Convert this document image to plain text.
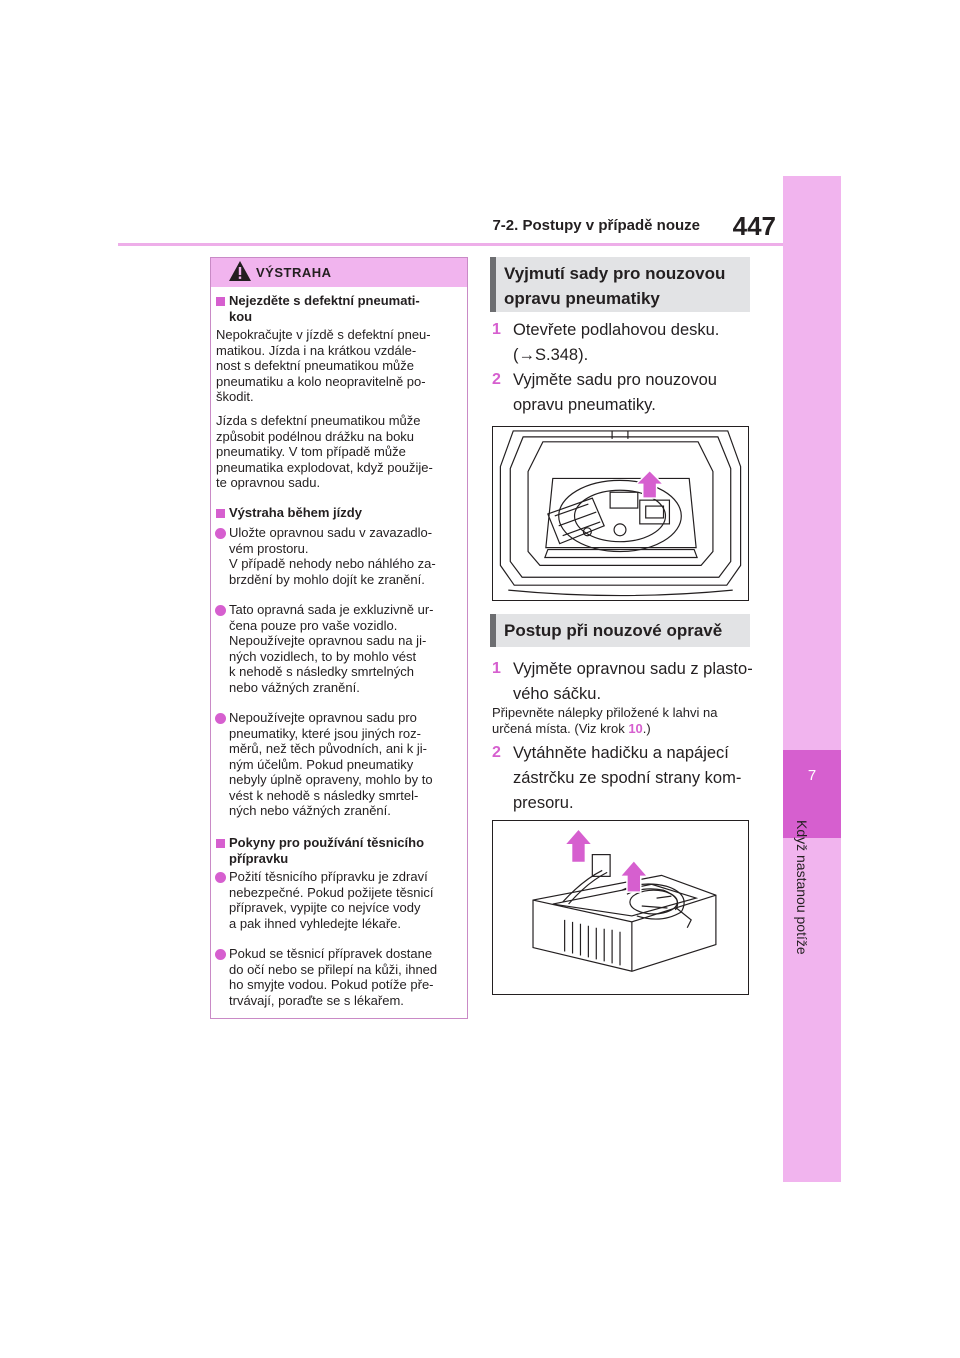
7-2. Postupy v případě nouze	447
7
Když nastanou potíže
VÝSTRAHA
Nejezděte s defektní pneumati-
kou
Nepokračujte v jízdě s defektní pneu-
matikou. Jízda i na krátkou vzdále-
nost s defektní pneumatikou může
pneumatiku a kolo neopravitelně po-
škodit.
Jízda s defektní pneumatikou může
způsobit podélnou drážku na boku
pneumatiky. V tom případě může
pneumatika explodovat, když použije-
te opravnou sadu.
Výstraha během jízdy
Uložte opravnou sadu v zavazadlo-
vém prostoru.
V případě nehody nebo náhlého za-
brzdění by mohlo dojít ke zranění.
Tato opravná sada je exkluzivně ur-
čena pouze pro vaše vozidlo.
Nepoužívejte opravnou sadu na ji-
ných vozidlech, to by mohlo vést
k nehodě s následky smrtelných
nebo vážných zranění.
Nepoužívejte opravnou sadu pro
pneumatiky, které jsou jiných roz-
měrů, než těch původních, ani k ji-
ným účelům. Pokud pneumatiky
nebyly úplně opraveny, mohlo by to
vést k nehodě s následky smrtel-
ných nebo vážných zranění.
Pokyny pro používání těsnicího
přípravku
Požití těsnicího přípravku je zdraví
nebezpečné. Pokud požijete těsnicí
přípravek, vypijte co nejvíce vody
a pak ihned vyhledejte lékaře.
Pokud se těsnicí přípravek dostane
do očí nebo se přilepí na kůži, ihned
ho smyjte vodou. Pokud potíže pře-
trvávají, poraďte se s lékařem.
Vyjmutí sady pro nouzovou
opravu pneumatiky
1 Otevřete podlahovou desku.
(→S.348).
2 Vyjměte sadu pro nouzovou
opravu pneumatiky.
Postup při nouzové opravě
1 Vyjměte opravnou sadu z plasto-
vého sáčku.
Připevněte nálepky přiložené k lahvi na
určená místa. (Viz krok 10.)
2 Vytáhněte hadičku a napájecí
zástrčku ze spodní strany kom-
presoru.
